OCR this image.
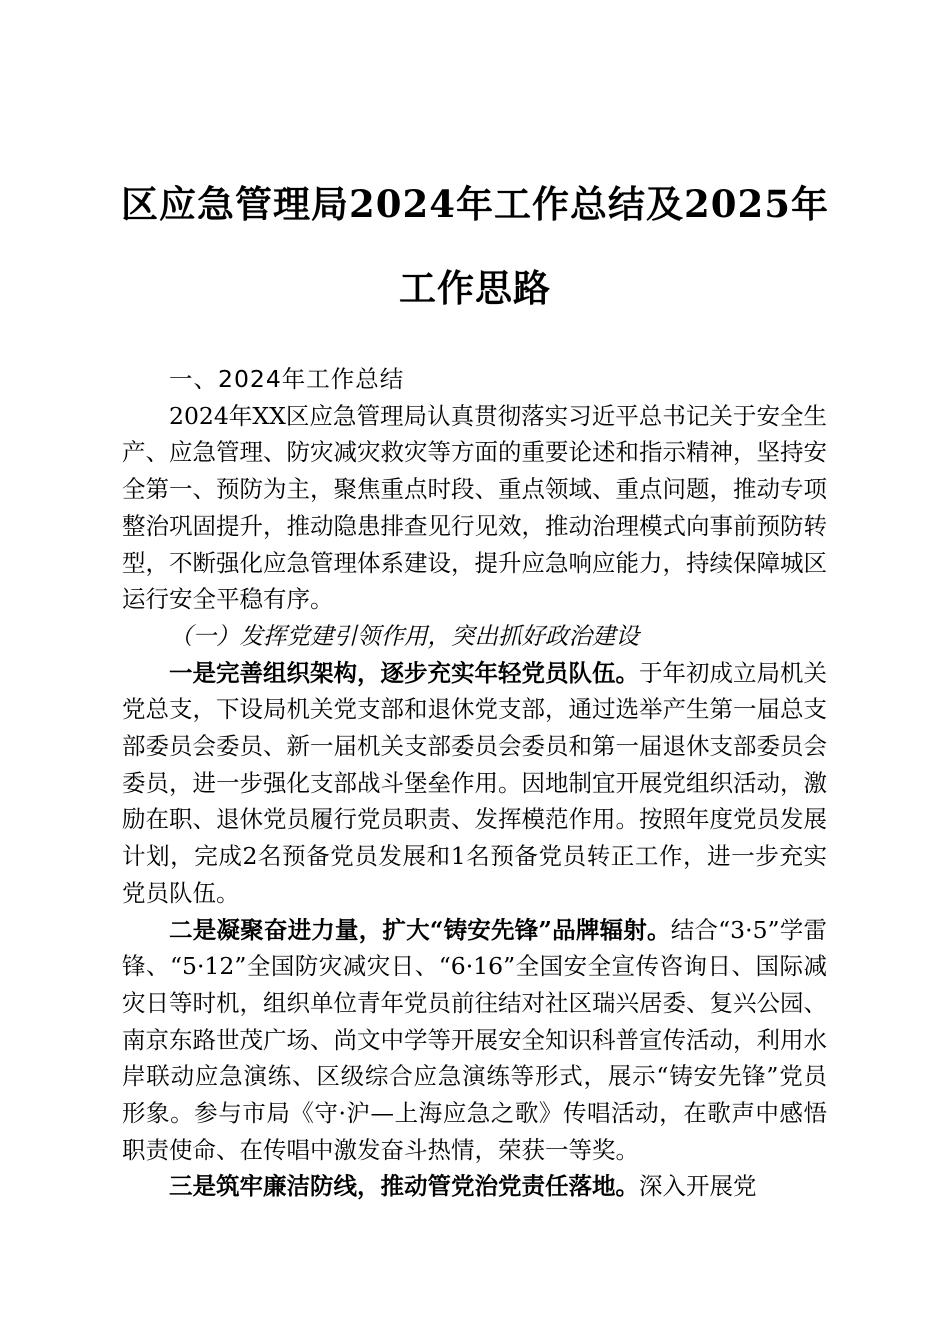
区应急管理局2024年工作总结及2025年工作思路

一、2024年工作总结

2024年XX区应急管理局认真贯彻落实习近平总书记关于安全生产、应急管理、防灾减灾救灾等方面的重要论述和指示精神，坚持安全第一、预防为主，聚焦重点时段、重点领域、重点问题，推动专项整治巩固提升，推动隐患排查见行见效，推动治理模式向事前预防转型，不断强化应急管理体系建设，提升应急响应能力，持续保障城区运行安全平稳有序。

（一）发挥党建引领作用，突出抓好政治建设

一是完善组织架构，逐步充实年轻党员队伍。于年初成立局机关党总支，下设局机关党支部和退休党支部，通过选举产生第一届总支部委员会委员、新一届机关支部委员会委员和第一届退休支部委员会委员，进一步强化支部战斗堡垒作用。因地制宜开展党组织活动，激励在职、退休党员履行党员职责、发挥模范作用。按照年度党员发展计划，完成2名预备党员发展和1名预备党员转正工作，进一步充实党员队伍。

二是凝聚奋进力量，扩大“铸安先锋”品牌辐射。结合“3·5”学雷锋、“5·12”全国防灾减灾日、“6·16”全国安全宣传咨询日、国际减灾日等时机，组织单位青年党员前往结对社区瑞兴居委、复兴公园、南京东路世茂广场、尚文中学等开展安全知识科普宣传活动，利用水岸联动应急演练、区级综合应急演练等形式，展示“铸安先锋”党员形象。参与市局《守·沪—上海应急之歌》传唱活动，在歌声中感悟职责使命、在传唱中激发奋斗热情，荣获一等奖。

三是筑牢廉洁防线，推动管党治党责任落地。深入开展党
